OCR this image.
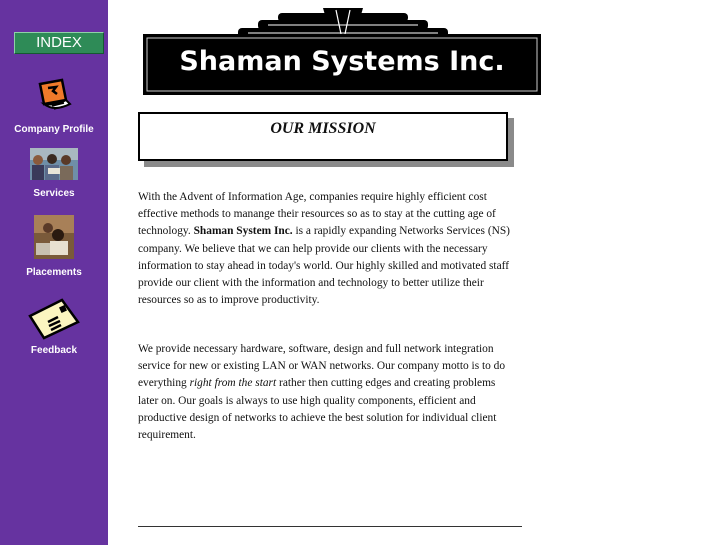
INDEX
Company Profile
Services
Placements
Feedback
Shaman Systems Inc.
OUR MISSION

With the Advent of Information Age, companies require highly efficient cost effective methods to manange their resources so as to stay at the cutting age of technology. Shaman System Inc. is a rapidly expanding Networks Services (NS) company. We believe that we can help provide our clients with the necessary information to stay ahead in today's world. Our highly skilled and motivated staff provide our client with the information and technology to better utilize their resources so as to improve productivity.

We provide necessary hardware, software, design and full network integration service for new or existing LAN or WAN networks. Our company motto is to do everything right from the start rather then cutting edges and creating problems later on. Our goals is always to use high quality components, efficient and productive design of networks to achieve the best solution for individual client requirement.
